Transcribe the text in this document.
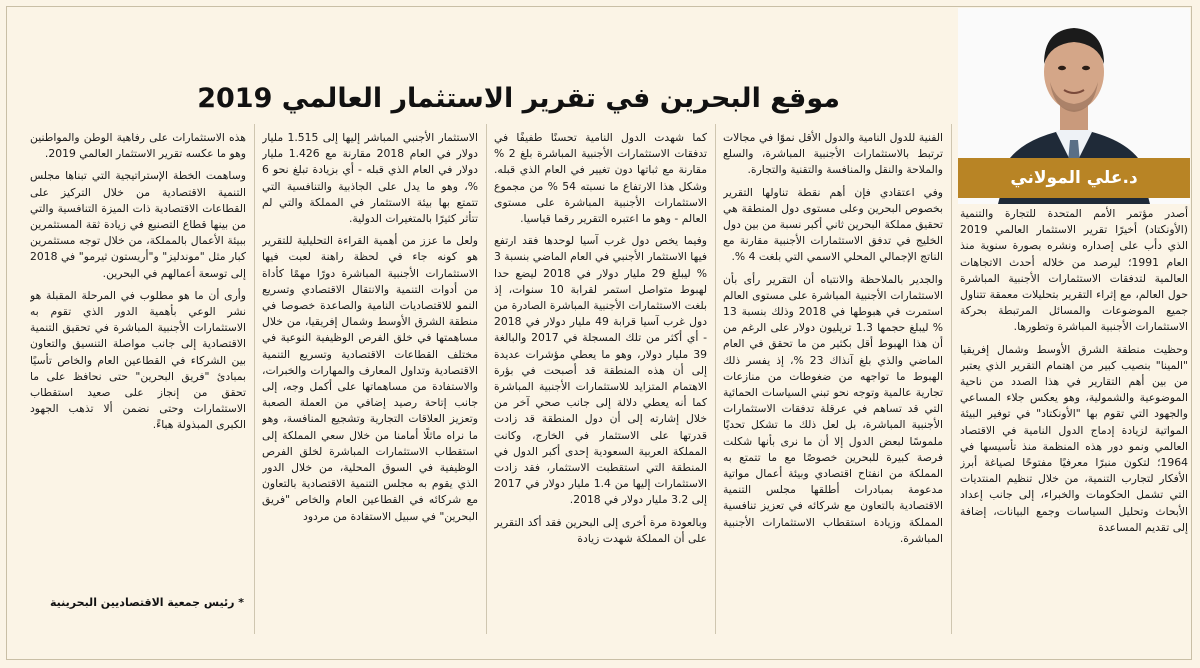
موقع البحرين في تقرير الاستثمار العالمي 2019
د.علي المولاني

أصدر مؤتمر الأمم المتحدة للتجارة والتنمية (الأونكتاد) أخيرًا تقرير الاستثمار العالمي 2019 الذي دأب على إصداره ونشره بصورة سنوية منذ العام 1991؛ ليرصد من خلاله أحدث الاتجاهات العالمية لتدفقات الاستثمارات الأجنبية المباشرة حول العالم، مع إثراء التقرير بتحليلات معمقة تتناول جميع الموضوعات والمسائل المرتبطة بحركة الاستثمارات الأجنبية المباشرة وتطورها.

وحظيت منطقة الشرق الأوسط وشمال إفريقيا "المينا" بنصيب كبير من اهتمام التقرير الذي يعتبر من بين أهم التقارير في هذا الصدد من ناحية الموضوعية والشمولية، وهو يعكس جلاء المساعي والجهود التي تقوم بها "الأونكتاد" في توفير البيئة المواتية لزيادة إدماج الدول النامية في الاقتصاد العالمي ونمو دور هذه المنظمة منذ تأسيسها في 1964؛ لتكون منبرًا معرفيًا مفتوحًا لصياغة أبرز الأفكار لتجارب التنمية، من خلال تنظيم المنتديات التي تشمل الحكومات والخبراء، إلى جانب إعداد الأبحاث وتحليل السياسات وجمع البيانات، إضافة إلى تقديم المساعدة

الفنية للدول النامية والدول الأقل نموًا في مجالات ترتبط بالاستثمارات الأجنبية المباشرة، والسلع والملاحة والنقل والمنافسة والتقنية والتجارة.

وفي اعتقادي فإن أهم نقطة تناولها التقرير بخصوص البحرين وعلى مستوى دول المنطقة هي تحقيق مملكة البحرين ثاني أكبر نسبة من بين دول الخليج في تدفق الاستثمارات الأجنبية مقارنة مع الناتج الإجمالي المحلي الاسمي التي بلغت 4 %.

والجدير بالملاحظة والانتباه أن التقرير رأى بأن الاستثمارات الأجنبية المباشرة على مستوى العالم استمرت في هبوطها في 2018 وذلك بنسبة 13 % ليبلغ حجمها 1.3 تريليون دولار على الرغم من أن هذا الهبوط أقل بكثير من ما تحقق في العام الماضي والذي بلغ آنذاك 23 %، إذ يفسر ذلك الهبوط ما تواجهه من ضغوطات من منازعات تجارية عالمية وتوجه نحو تبني السياسات الحمائية التي قد تساهم في عرقلة تدفقات الاستثمارات الأجنبية المباشرة، بل لعل ذلك ما تشكل تحديًا ملموسًا لبعض الدول إلا أن ما نرى بأنها شكلت فرصة كبيرة للبحرين خصوصًا مع ما تتمتع به المملكة من انفتاح اقتصادي وبيئة أعمال مواتية مدعومة بمبادرات أطلقها مجلس التنمية الاقتصادية بالتعاون مع شركائه في تعزيز تنافسية المملكة وزيادة استقطاب الاستثمارات الأجنبية المباشرة.

كما شهدت الدول النامية تحسنًا طفيفًا في تدفقات الاستثمارات الأجنبية المباشرة بلغ 2 % مقارنة مع ثباتها دون تغيير في العام الذي قبله. وشكل هذا الارتفاع ما نسبته 54 % من مجموع الاستثمارات الأجنبية المباشرة على مستوى العالم - وهو ما اعتبره التقرير رقما قياسيا.

وفيما يخص دول غرب آسيا لوحدها فقد ارتفع فيها الاستثمار الأجنبي في العام الماضي بنسبة 3 % ليبلغ 29 مليار دولار في 2018 ليضع حدا لهبوط متواصل استمر لقرابة 10 سنوات، إذ بلغت الاستثمارات الأجنبية المباشرة الصادرة من دول غرب آسيا قرابة 49 مليار دولار في 2018 - أي أكثر من تلك المسجلة في 2017 والبالغة 39 مليار دولار، وهو ما يعطي مؤشرات عديدة إلى أن هذه المنطقة قد أصبحت في بؤرة الاهتمام المتزايد للاستثمارات الأجنبية المباشرة كما أنه يعطي دلالة إلى جانب صحي آخر من خلال إشارته إلى أن دول المنطقة قد زادت قدرتها على الاستثمار في الخارج، وكانت المملكة العربية السعودية إحدى أكبر الدول في المنطقة التي استقطبت الاستثمار، فقد زادت الاستثمارات إليها من 1.4 مليار دولار في 2017 إلى 3.2 مليار دولار في 2018.

وبالعودة مرة أخرى إلى البحرين فقد أكد التقرير على أن المملكة شهدت زيادة

الاستثمار الأجنبي المباشر إليها إلى 1.515 مليار دولار في العام 2018 مقارنة مع 1.426 مليار دولار في العام الذي قبله - أي بزيادة تبلغ نحو 6 %، وهو ما يدل على الجاذبية والتنافسية التي تتمتع بها بيئة الاستثمار في المملكة والتي لم تتأثر كثيرًا بالمتغيرات الدولية.

ولعل ما عزز من أهمية القراءة التحليلية للتقرير هو كونه جاء في لحظة راهنة لعبت فيها الاستثمارات الأجنبية المباشرة دورًا مهمًا كأداة من أدوات التنمية والانتقال الاقتصادي وتسريع النمو للاقتصاديات النامية والصاعدة خصوصا في منطقة الشرق الأوسط وشمال إفريقيا، من خلال مساهمتها في خلق الفرص الوظيفية النوعية في مختلف القطاعات الاقتصادية وتسريع التنمية الاقتصادية وتداول المعارف والمهارات والخبرات، والاستفادة من مساهماتها على أكمل وجه، إلى جانب إتاحة رصيد إضافي من العملة الصعبة وتعزيز العلاقات التجارية وتشجيع المنافسة، وهو ما نراه ماثلًا أمامنا من خلال سعي المملكة إلى استقطاب الاستثمارات المباشرة لخلق الفرص الوظيفية في السوق المحلية، من خلال الدور الذي يقوم به مجلس التنمية الاقتصادية بالتعاون مع شركائه في القطاعين العام والخاص "فريق البحرين" في سبيل الاستفادة من مردود

هذه الاستثمارات على رفاهية الوطن والمواطنين وهو ما عكسه تقرير الاستثمار العالمي 2019.

وساهمت الخطة الإستراتيجية التي تبناها مجلس التنمية الاقتصادية من خلال التركيز على القطاعات الاقتصادية ذات الميزة التنافسية والتي من بينها قطاع التصنيع في زيادة ثقة المستثمرين ببيئة الأعمال بالمملكة، من خلال توجه مستثمرين كبار مثل "موندليز" و"أريستون ثيرمو" في 2018 إلى توسعة أعمالهم في البحرين.

وأرى أن ما هو مطلوب في المرحلة المقبلة هو نشر الوعي بأهمية الدور الذي تقوم به الاستثمارات الأجنبية المباشرة في تحقيق التنمية الاقتصادية إلى جانب مواصلة التنسيق والتعاون بين الشركاء في القطاعين العام والخاص تأسيًا بمبادئ "فريق البحرين" حتى نحافظ على ما تحقق من إنجاز على صعيد استقطاب الاستثمارات وحتى نضمن ألا تذهب الجهود الكبرى المبذولة هباءً.

* رئيس جمعية الاقتصاديين البحرينية
